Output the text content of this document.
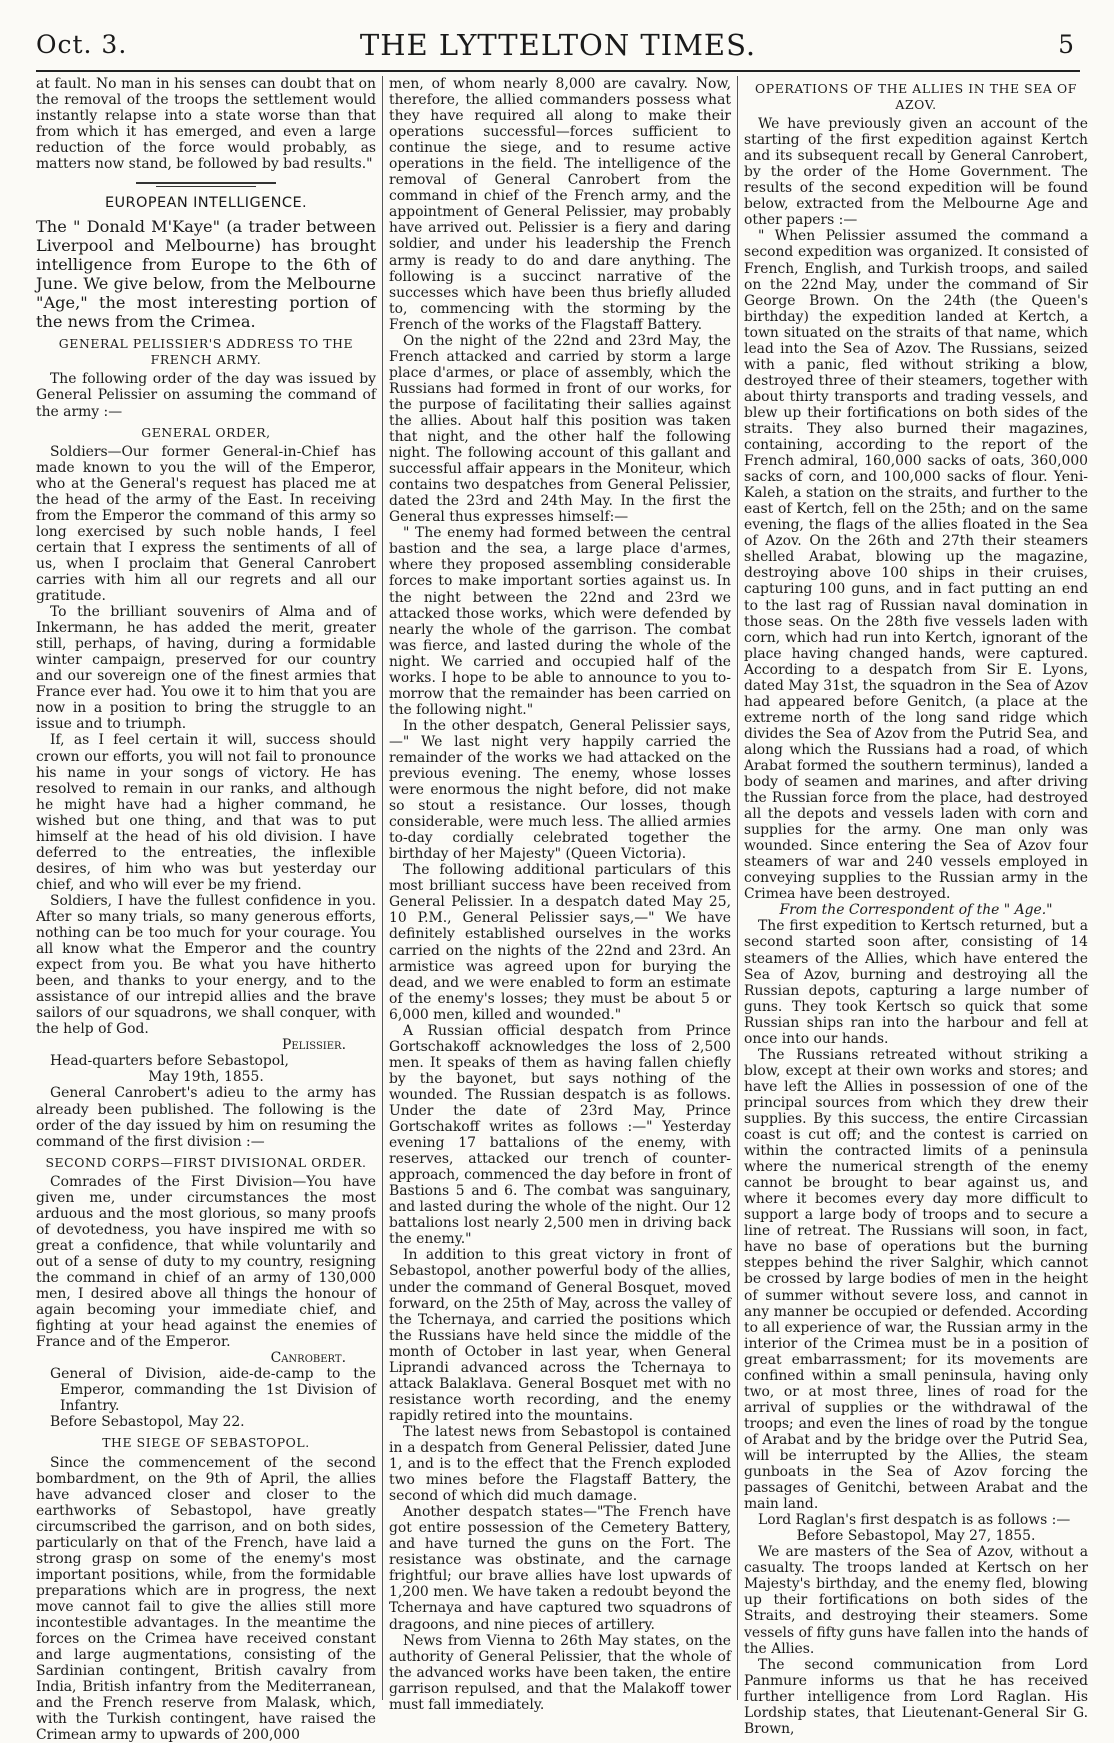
Oct. 3.	THE LYTTELTON TIMES.	5

at fault. No man in his senses can doubt that on the removal of the troops the settlement would instantly relapse into a state worse than that from which it has emerged, and even a large reduction of the force would probably, as matters now stand, be followed by bad results."

EUROPEAN INTELLIGENCE.

The " Donald M'Kaye" (a trader between Liverpool and Melbourne) has brought intelligence from Europe to the 6th of June. We give below, from the Melbourne "Age," the most interesting portion of the news from the Crimea.

GENERAL PELISSIER'S ADDRESS TO THE FRENCH ARMY.

The following order of the day was issued by General Pelissier on assuming the command of the army :—

GENERAL ORDER,

Soldiers—Our former General-in-Chief has made known to you the will of the Emperor, who at the General's request has placed me at the head of the army of the East. In receiving from the Emperor the command of this army so long exercised by such noble hands, I feel certain that I express the sentiments of all of us, when I proclaim that General Canrobert carries with him all our regrets and all our gratitude.

To the brilliant souvenirs of Alma and of Inkermann, he has added the merit, greater still, perhaps, of having, during a formidable winter campaign, preserved for our country and our sovereign one of the finest armies that France ever had. You owe it to him that you are now in a position to bring the struggle to an issue and to triumph.

If, as I feel certain it will, success should crown our efforts, you will not fail to pronounce his name in your songs of victory. He has resolved to remain in our ranks, and although he might have had a higher command, he wished but one thing, and that was to put himself at the head of his old division. I have deferred to the entreaties, the inflexible desires, of him who was but yesterday our chief, and who will ever be my friend.

Soldiers, I have the fullest confidence in you. After so many trials, so many generous efforts, nothing can be too much for your courage. You all know what the Emperor and the country expect from you. Be what you have hitherto been, and thanks to your energy, and to the assistance of our intrepid allies and the brave sailors of our squadrons, we shall conquer, with the help of God.

Pelissier.

Head-quarters before Sebastopol,

May 19th, 1855.

General Canrobert's adieu to the army has already been published. The following is the order of the day issued by him on resuming the command of the first division :—

SECOND CORPS—FIRST DIVISIONAL ORDER.

Comrades of the First Division—You have given me, under circumstances the most arduous and the most glorious, so many proofs of devotedness, you have inspired me with so great a confidence, that while voluntarily and out of a sense of duty to my country, resigning the command in chief of an army of 130,000 men, I desired above all things the honour of again becoming your immediate chief, and fighting at your head against the enemies of France and of the Emperor.

Canrobert.

General of Division, aide-de-camp to the Emperor, commanding the 1st Division of Infantry.

Before Sebastopol, May 22.

THE SIEGE OF SEBASTOPOL.

Since the commencement of the second bombardment, on the 9th of April, the allies have advanced closer and closer to the earthworks of Sebastopol, have greatly circumscribed the garrison, and on both sides, particularly on that of the French, have laid a strong grasp on some of the enemy's most important positions, while, from the formidable preparations which are in progress, the next move cannot fail to give the allies still more incontestible advantages. In the meantime the forces on the Crimea have received constant and large augmentations, consisting of the Sardinian contingent, British cavalry from India, British infantry from the Mediterranean, and the French reserve from Malask, which, with the Turkish contingent, have raised the Crimean army to upwards of 200,000

men, of whom nearly 8,000 are cavalry. Now, therefore, the allied commanders possess what they have required all along to make their operations successful—forces sufficient to continue the siege, and to resume active operations in the field. The intelligence of the removal of General Canrobert from the command in chief of the French army, and the appointment of General Pelissier, may probably have arrived out. Pelissier is a fiery and daring soldier, and under his leadership the French army is ready to do and dare anything. The following is a succinct narrative of the successes which have been thus briefly alluded to, commencing with the storming by the French of the works of the Flagstaff Battery.

On the night of the 22nd and 23rd May, the French attacked and carried by storm a large place d'armes, or place of assembly, which the Russians had formed in front of our works, for the purpose of facilitating their sallies against the allies. About half this position was taken that night, and the other half the following night. The following account of this gallant and successful affair appears in the Moniteur, which contains two despatches from General Pelissier, dated the 23rd and 24th May. In the first the General thus expresses himself:—

" The enemy had formed between the central bastion and the sea, a large place d'armes, where they proposed assembling considerable forces to make important sorties against us. In the night between the 22nd and 23rd we attacked those works, which were defended by nearly the whole of the garrison. The combat was fierce, and lasted during the whole of the night. We carried and occupied half of the works. I hope to be able to announce to you to-morrow that the remainder has been carried on the following night."

In the other despatch, General Pelissier says, —" We last night very happily carried the remainder of the works we had attacked on the previous evening. The enemy, whose losses were enormous the night before, did not make so stout a resistance. Our losses, though considerable, were much less. The allied armies to-day cordially celebrated together the birthday of her Majesty" (Queen Victoria).

The following additional particulars of this most brilliant success have been received from General Pelissier. In a despatch dated May 25, 10 P.M., General Pelissier says,—" We have definitely established ourselves in the works carried on the nights of the 22nd and 23rd. An armistice was agreed upon for burying the dead, and we were enabled to form an estimate of the enemy's losses; they must be about 5 or 6,000 men, killed and wounded."

A Russian official despatch from Prince Gortschakoff acknowledges the loss of 2,500 men. It speaks of them as having fallen chiefly by the bayonet, but says nothing of the wounded. The Russian despatch is as follows. Under the date of 23rd May, Prince Gortschakoff writes as follows :—" Yesterday evening 17 battalions of the enemy, with reserves, attacked our trench of counter-approach, commenced the day before in front of Bastions 5 and 6. The combat was sanguinary, and lasted during the whole of the night. Our 12 battalions lost nearly 2,500 men in driving back the enemy."

In addition to this great victory in front of Sebastopol, another powerful body of the allies, under the command of General Bosquet, moved forward, on the 25th of May, across the valley of the Tchernaya, and carried the positions which the Russians have held since the middle of the month of October in last year, when General Liprandi advanced across the Tchernaya to attack Balaklava. General Bosquet met with no resistance worth recording, and the enemy rapidly retired into the mountains.

The latest news from Sebastopol is contained in a despatch from General Pelissier, dated June 1, and is to the effect that the French exploded two mines before the Flagstaff Battery, the second of which did much damage.

Another despatch states—"The French have got entire possession of the Cemetery Battery, and have turned the guns on the Fort. The resistance was obstinate, and the carnage frightful; our brave allies have lost upwards of 1,200 men. We have taken a redoubt beyond the Tchernaya and have captured two squadrons of dragoons, and nine pieces of artillery.

News from Vienna to 26th May states, on the authority of General Pelissier, that the whole of the advanced works have been taken, the entire garrison repulsed, and that the Malakoff tower must fall immediately.

OPERATIONS OF THE ALLIES IN THE SEA OF AZOV.

We have previously given an account of the starting of the first expedition against Kertch and its subsequent recall by General Canrobert, by the order of the Home Government. The results of the second expedition will be found below, extracted from the Melbourne Age and other papers :—

" When Pelissier assumed the command a second expedition was organized. It consisted of French, English, and Turkish troops, and sailed on the 22nd May, under the command of Sir George Brown. On the 24th (the Queen's birthday) the expedition landed at Kertch, a town situated on the straits of that name, which lead into the Sea of Azov. The Russians, seized with a panic, fled without striking a blow, destroyed three of their steamers, together with about thirty transports and trading vessels, and blew up their fortifications on both sides of the straits. They also burned their magazines, containing, according to the report of the French admiral, 160,000 sacks of oats, 360,000 sacks of corn, and 100,000 sacks of flour. Yeni-Kaleh, a station on the straits, and further to the east of Kertch, fell on the 25th; and on the same evening, the flags of the allies floated in the Sea of Azov. On the 26th and 27th their steamers shelled Arabat, blowing up the magazine, destroying above 100 ships in their cruises, capturing 100 guns, and in fact putting an end to the last rag of Russian naval domination in those seas. On the 28th five vessels laden with corn, which had run into Kertch, ignorant of the place having changed hands, were captured. According to a despatch from Sir E. Lyons, dated May 31st, the squadron in the Sea of Azov had appeared before Genitch, (a place at the extreme north of the long sand ridge which divides the Sea of Azov from the Putrid Sea, and along which the Russians had a road, of which Arabat formed the southern terminus), landed a body of seamen and marines, and after driving the Russian force from the place, had destroyed all the depots and vessels laden with corn and supplies for the army. One man only was wounded. Since entering the Sea of Azov four steamers of war and 240 vessels employed in conveying supplies to the Russian army in the Crimea have been destroyed.

From the Correspondent of the " Age."

The first expedition to Kertsch returned, but a second started soon after, consisting of 14 steamers of the Allies, which have entered the Sea of Azov, burning and destroying all the Russian depots, capturing a large number of guns. They took Kertsch so quick that some Russian ships ran into the harbour and fell at once into our hands.

The Russians retreated without striking a blow, except at their own works and stores; and have left the Allies in possession of one of the principal sources from which they drew their supplies. By this success, the entire Circassian coast is cut off; and the contest is carried on within the contracted limits of a peninsula where the numerical strength of the enemy cannot be brought to bear against us, and where it becomes every day more difficult to support a large body of troops and to secure a line of retreat. The Russians will soon, in fact, have no base of operations but the burning steppes behind the river Salghir, which cannot be crossed by large bodies of men in the height of summer without severe loss, and cannot in any manner be occupied or defended. According to all experience of war, the Russian army in the interior of the Crimea must be in a position of great embarrassment; for its movements are confined within a small peninsula, having only two, or at most three, lines of road for the arrival of supplies or the withdrawal of the troops; and even the lines of road by the tongue of Arabat and by the bridge over the Putrid Sea, will be interrupted by the Allies, the steam gunboats in the Sea of Azov forcing the passages of Genitchi, between Arabat and the main land.

Lord Raglan's first despatch is as follows :—

Before Sebastopol, May 27, 1855.

We are masters of the Sea of Azov, without a casualty. The troops landed at Kertsch on her Majesty's birthday, and the enemy fled, blowing up their fortifications on both sides of the Straits, and destroying their steamers. Some vessels of fifty guns have fallen into the hands of the Allies.

The second communication from Lord Panmure informs us that he has received further intelligence from Lord Raglan. His Lordship states, that Lieutenant-General Sir G. Brown,
